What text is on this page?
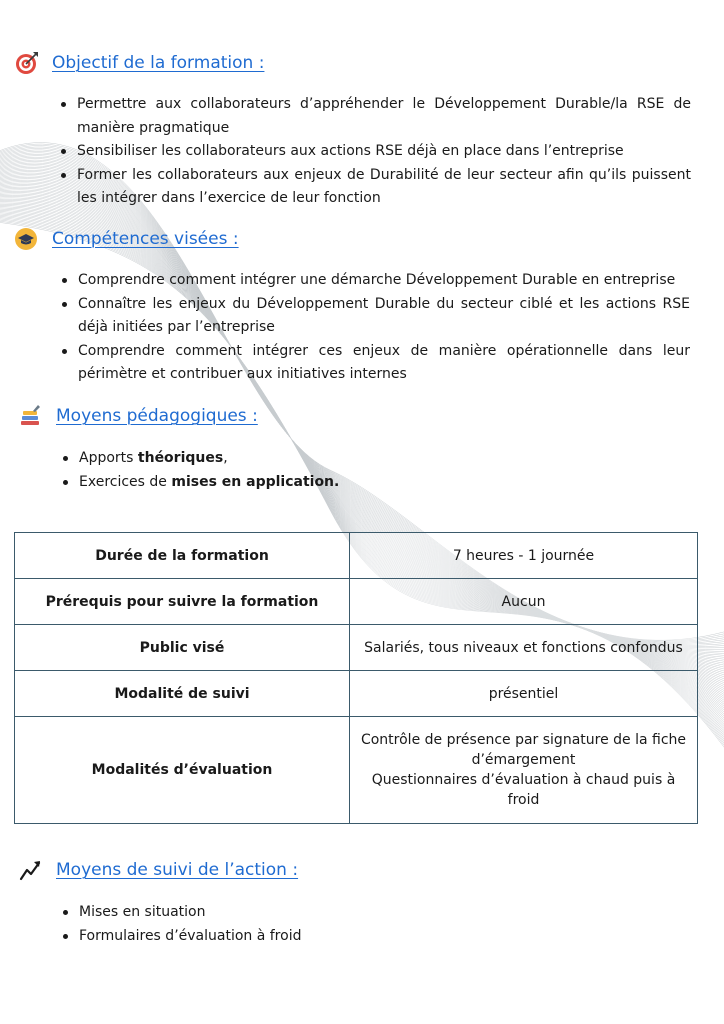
Objectif de la formation :
Permettre aux collaborateurs d’appréhender le Développement Durable/la RSE de manière pragmatique
Sensibiliser les collaborateurs aux actions RSE déjà en place dans l’entreprise
Former les collaborateurs aux enjeux de Durabilité de leur secteur afin qu’ils puissent les intégrer dans l’exercice de leur fonction
Compétences visées :
Comprendre comment intégrer une démarche Développement Durable en entreprise
Connaître les enjeux du Développement Durable du secteur ciblé et les actions RSE déjà initiées par l’entreprise
Comprendre comment intégrer ces enjeux de manière opérationnelle dans leur périmètre et contribuer aux initiatives internes
Moyens pédagogiques :
Apports théoriques,
Exercices de mises en application.
Durée de la formation	7 heures - 1 journée
Prérequis pour suivre la formation	Aucun
Public visé	Salariés, tous niveaux et fonctions confondus
Modalité de suivi	présentiel
Modalités d’évaluation	Contrôle de présence par signature de la fiche
d’émargement
Questionnaires d’évaluation à chaud puis à
froid
Moyens de suivi de l’action :
Mises en situation
Formulaires d’évaluation à froid
